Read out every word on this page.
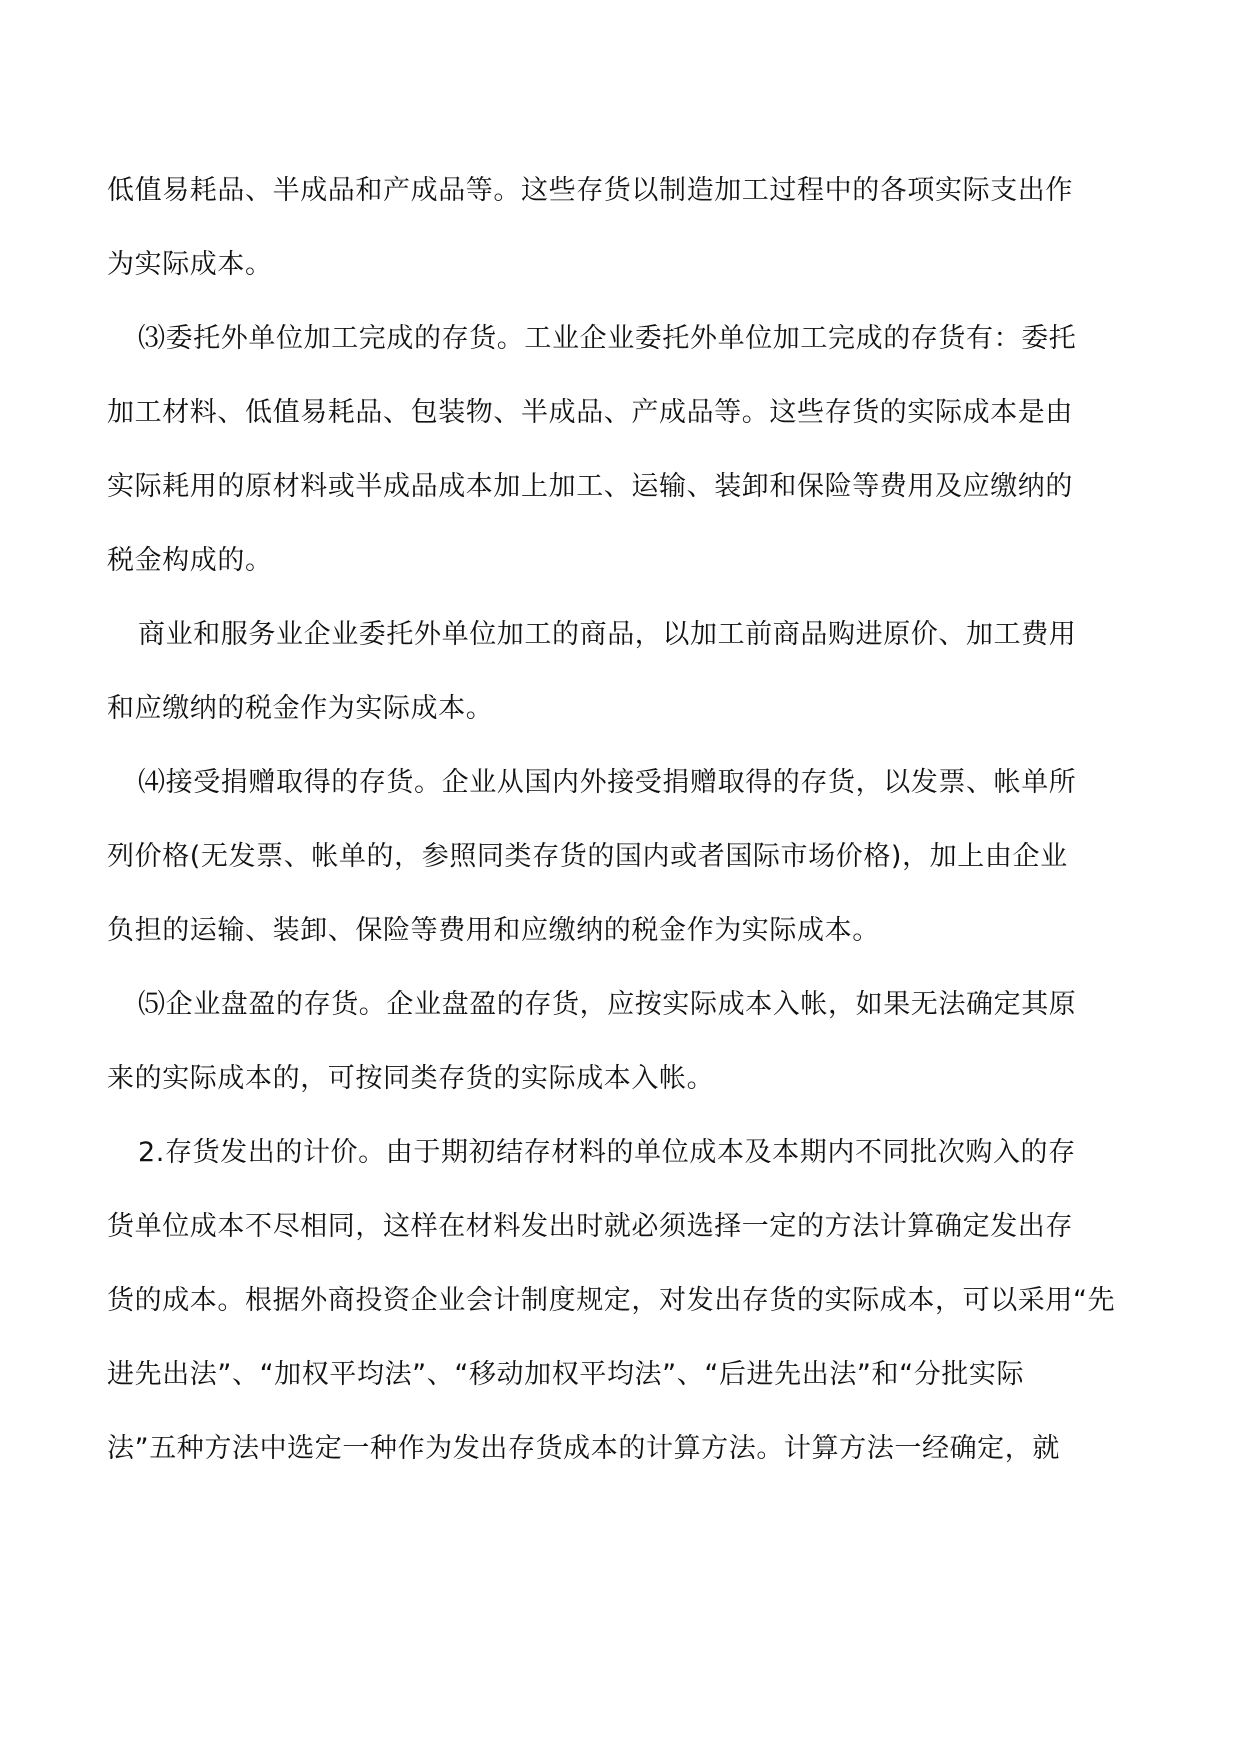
低值易耗品、半成品和产成品等。这些存货以制造加工过程中的各项实际支出作
为实际成本。
⑶委托外单位加工完成的存货。工业企业委托外单位加工完成的存货有：委托
加工材料、低值易耗品、包装物、半成品、产成品等。这些存货的实际成本是由
实际耗用的原材料或半成品成本加上加工、运输、装卸和保险等费用及应缴纳的
税金构成的。
商业和服务业企业委托外单位加工的商品，以加工前商品购进原价、加工费用
和应缴纳的税金作为实际成本。
⑷接受捐赠取得的存货。企业从国内外接受捐赠取得的存货，以发票、帐单所
列价格(无发票、帐单的，参照同类存货的国内或者国际市场价格)，加上由企业
负担的运输、装卸、保险等费用和应缴纳的税金作为实际成本。
⑸企业盘盈的存货。企业盘盈的存货，应按实际成本入帐，如果无法确定其原
来的实际成本的，可按同类存货的实际成本入帐。
2.存货发出的计价。由于期初结存材料的单位成本及本期内不同批次购入的存
货单位成本不尽相同，这样在材料发出时就必须选择一定的方法计算确定发出存
货的成本。根据外商投资企业会计制度规定，对发出存货的实际成本，可以采用“先
进先出法”、“加权平均法”、“移动加权平均法”、“后进先出法”和“分批实际
法”五种方法中选定一种作为发出存货成本的计算方法。计算方法一经确定，就
